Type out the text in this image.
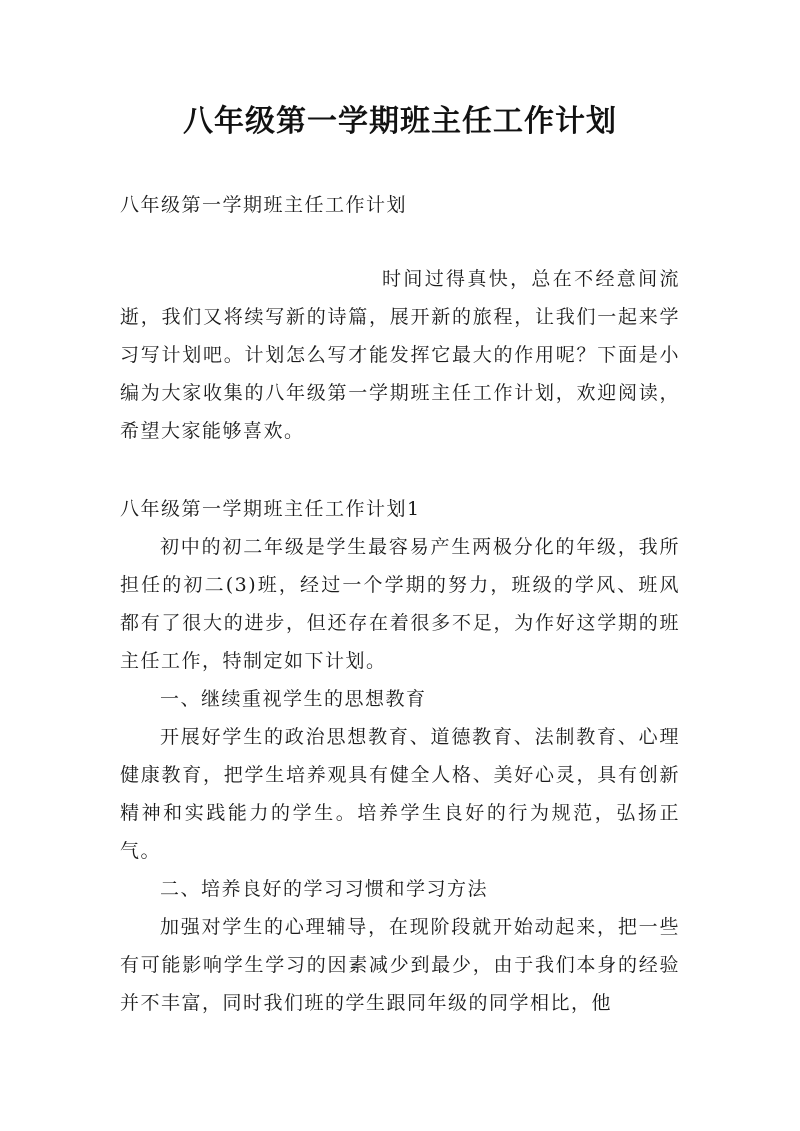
八年级第一学期班主任工作计划
八年级第一学期班主任工作计划
时间过得真快，总在不经意间流逝，我们又将续写新的诗篇，展开新的旅程，让我们一起来学习写计划吧。计划怎么写才能发挥它最大的作用呢？下面是小编为大家收集的八年级第一学期班主任工作计划，欢迎阅读，希望大家能够喜欢。

八年级第一学期班主任工作计划1

初中的初二年级是学生最容易产生两极分化的年级，我所担任的初二(3)班，经过一个学期的努力，班级的学风、班风都有了很大的进步，但还存在着很多不足，为作好这学期的班主任工作，特制定如下计划。

一、继续重视学生的思想教育

开展好学生的政治思想教育、道德教育、法制教育、心理健康教育，把学生培养观具有健全人格、美好心灵，具有创新精神和实践能力的学生。培养学生良好的行为规范，弘扬正气。

二、培养良好的学习习惯和学习方法

加强对学生的心理辅导，在现阶段就开始动起来，把一些有可能影响学生学习的因素减少到最少，由于我们本身的经验并不丰富，同时我们班的学生跟同年级的同学相比，他
